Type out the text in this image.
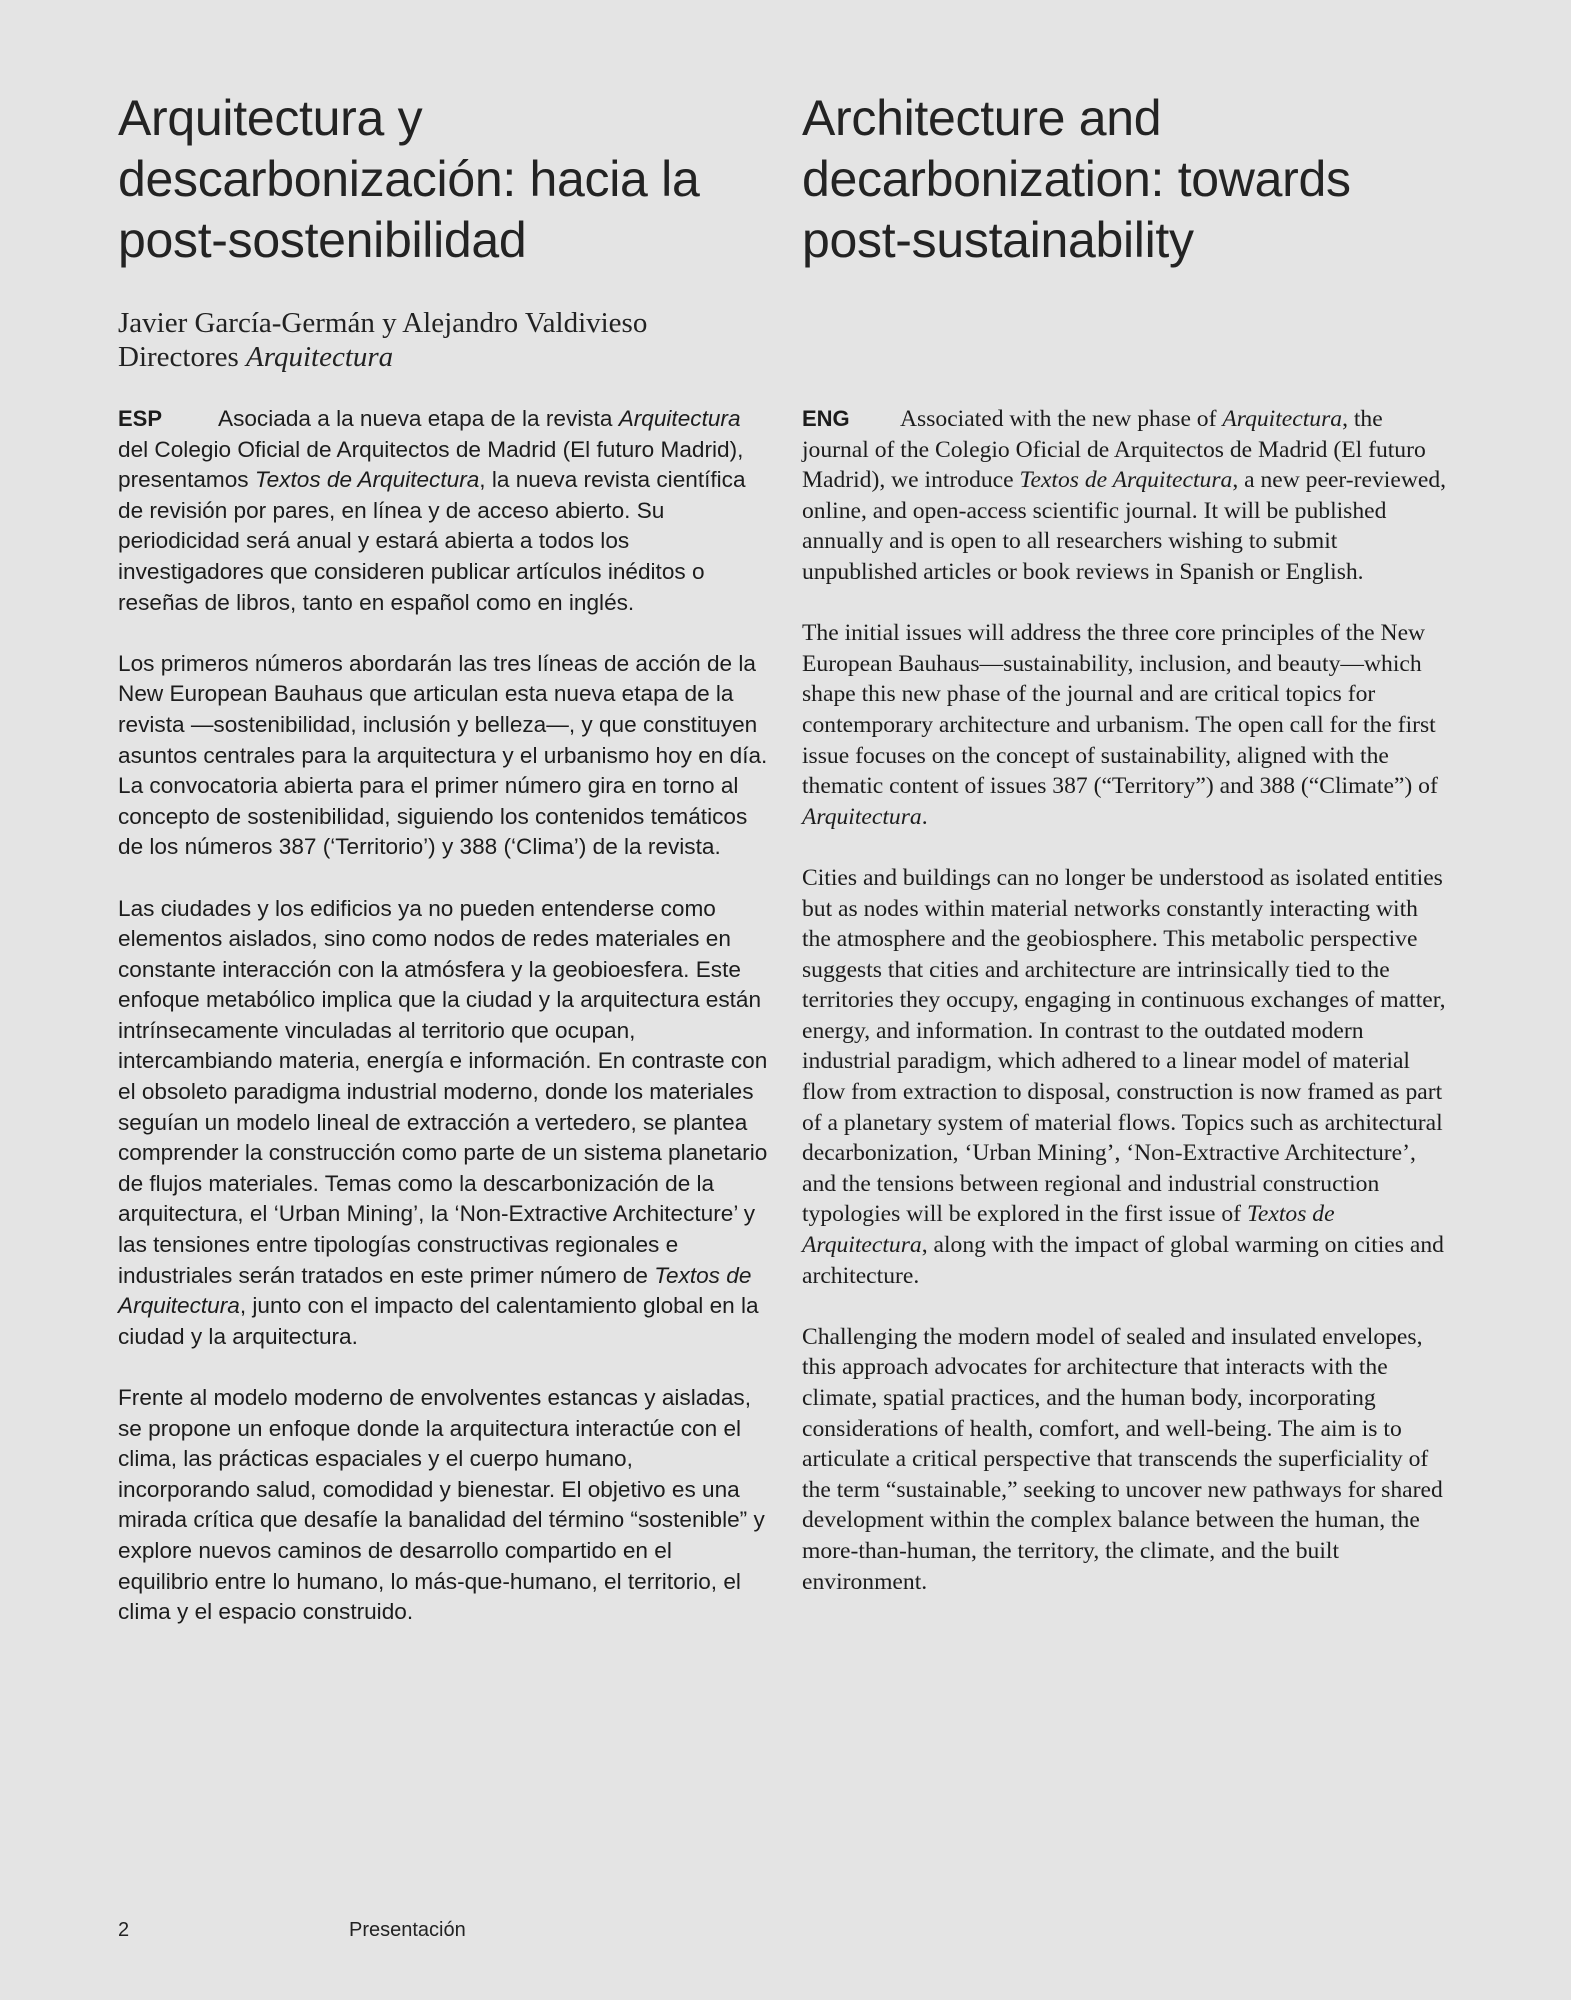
Arquitectura y descarbonización: hacia la post-sostenibilidad
Architecture and decarbonization: towards post-sustainability
Javier García-Germán y Alejandro Valdivieso
Directores Arquitectura

ESP Asociada a la nueva etapa de la revista Arquitectura del Colegio Oficial de Arquitectos de Madrid (El futuro Madrid), presentamos Textos de Arquitectura, la nueva revista científica de revisión por pares, en línea y de acceso abierto. Su periodicidad será anual y estará abierta a todos los investigadores que consideren publicar artículos inéditos o reseñas de libros, tanto en español como en inglés.

Los primeros números abordarán las tres líneas de acción de la New European Bauhaus que articulan esta nueva etapa de la revista —sostenibilidad, inclusión y belleza—, y que constituyen asuntos centrales para la arquitectura y el urbanismo hoy en día. La convocatoria abierta para el primer número gira en torno al concepto de sostenibilidad, siguiendo los contenidos temáticos de los números 387 (‘Territorio’) y 388 (‘Clima’) de la revista.

Las ciudades y los edificios ya no pueden entenderse como elementos aislados, sino como nodos de redes materiales en constante interacción con la atmósfera y la geobioesfera. Este enfoque metabólico implica que la ciudad y la arquitectura están intrínsecamente vinculadas al territorio que ocupan, intercambiando materia, energía e información. En contraste con el obsoleto paradigma industrial moderno, donde los materiales seguían un modelo lineal de extracción a vertedero, se plantea comprender la construcción como parte de un sistema planetario de flujos materiales. Temas como la descarbonización de la arquitectura, el ‘Urban Mining’, la ‘Non-Extractive Architecture’ y las tensiones entre tipologías constructivas regionales e industriales serán tratados en este primer número de Textos de Arquitectura, junto con el impacto del calentamiento global en la ciudad y la arquitectura.

Frente al modelo moderno de envolventes estancas y aisladas, se propone un enfoque donde la arquitectura interactúe con el clima, las prácticas espaciales y el cuerpo humano, incorporando salud, comodidad y bienestar. El objetivo es una mirada crítica que desafíe la banalidad del término “sostenible” y explore nuevos caminos de desarrollo compartido en el equilibrio entre lo humano, lo más-que-humano, el territorio, el clima y el espacio construido.

ENG Associated with the new phase of Arquitectura, the journal of the Colegio Oficial de Arquitectos de Madrid (El futuro Madrid), we introduce Textos de Arquitectura, a new peer-reviewed, online, and open-access scientific journal. It will be published annually and is open to all researchers wishing to submit unpublished articles or book reviews in Spanish or English.

The initial issues will address the three core principles of the New European Bauhaus—sustainability, inclusion, and beauty—which shape this new phase of the journal and are critical topics for contemporary architecture and urbanism. The open call for the first issue focuses on the concept of sustainability, aligned with the thematic content of issues 387 (“Territory”) and 388 (“Climate”) of Arquitectura.

Cities and buildings can no longer be understood as isolated entities but as nodes within material networks constantly interacting with the atmosphere and the geobiosphere. This metabolic perspective suggests that cities and architecture are intrinsically tied to the territories they occupy, engaging in continuous exchanges of matter, energy, and information. In contrast to the outdated modern industrial paradigm, which adhered to a linear model of material flow from extraction to disposal, construction is now framed as part of a planetary system of material flows. Topics such as architectural decarbonization, ‘Urban Mining’, ‘Non-Extractive Architecture’, and the tensions between regional and industrial construction typologies will be explored in the first issue of Textos de Arquitectura, along with the impact of global warming on cities and architecture.

Challenging the modern model of sealed and insulated envelopes, this approach advocates for architecture that interacts with the climate, spatial practices, and the human body, incorporating considerations of health, comfort, and well-being. The aim is to articulate a critical perspective that transcends the superficiality of the term “sustainable,” seeking to uncover new pathways for shared development within the complex balance between the human, the more-than-human, the territory, the climate, and the built environment.

2	Presentación
